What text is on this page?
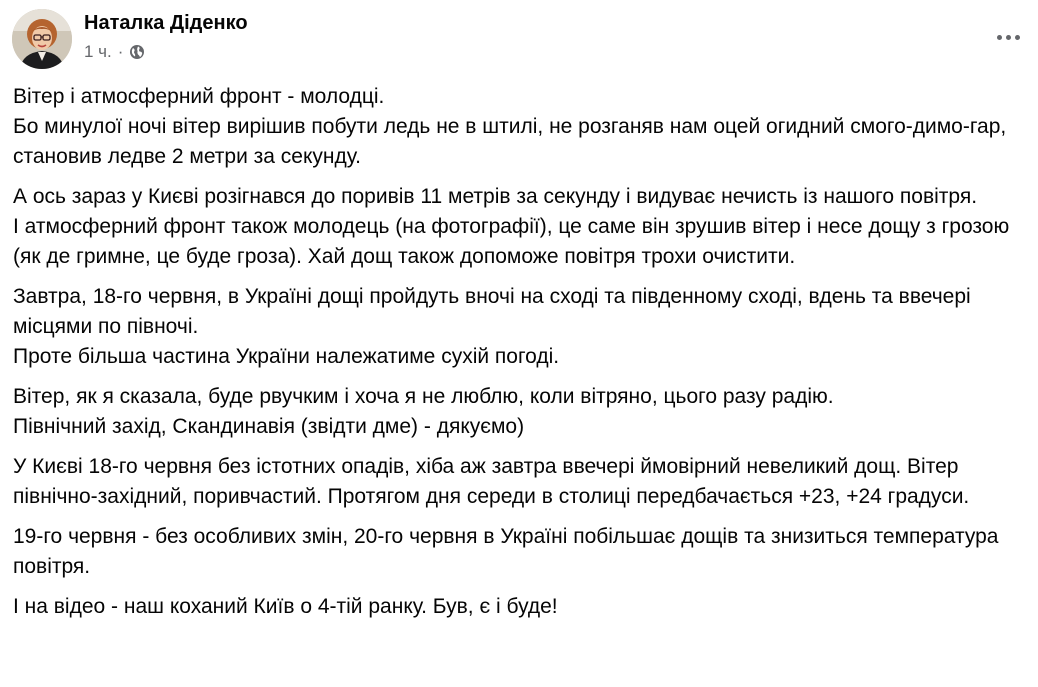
Наталка Діденко
1 ч. ·

Вітер і атмосферний фронт - молодці.
Бо минулої ночі вітер вирішив побути ледь не в штилі, не розганяв нам оцей огидний смого-димо-гар, становив ледве 2 метри за секунду.

А ось зараз у Києві розігнався до поривів 11 метрів за секунду і видуває нечисть із нашого повітря.
І атмосферний фронт також молодець (на фотографії), це саме він зрушив вітер і несе дощу з грозою (як де гримне, це буде гроза). Хай дощ також допоможе повітря трохи очистити.

Завтра, 18-го червня, в Україні дощі пройдуть вночі на сході та південному сході, вдень та ввечері місцями по півночі.
Проте більша частина України належатиме сухій погоді.

Вітер, як я сказала, буде рвучким і хоча я не люблю, коли вітряно, цього разу радію.
Північний захід, Скандинавія (звідти дме) - дякуємо)

У Києві 18-го червня без істотних опадів, хіба аж завтра ввечері ймовірний невеликий дощ. Вітер північно-західний, поривчастий. Протягом дня середи в столиці передбачається +23, +24 градуси.

19-го червня - без особливих змін, 20-го червня в Україні побільшає дощів та знизиться температура повітря.

І на відео - наш коханий Київ о 4-тій ранку. Був, є і буде!
